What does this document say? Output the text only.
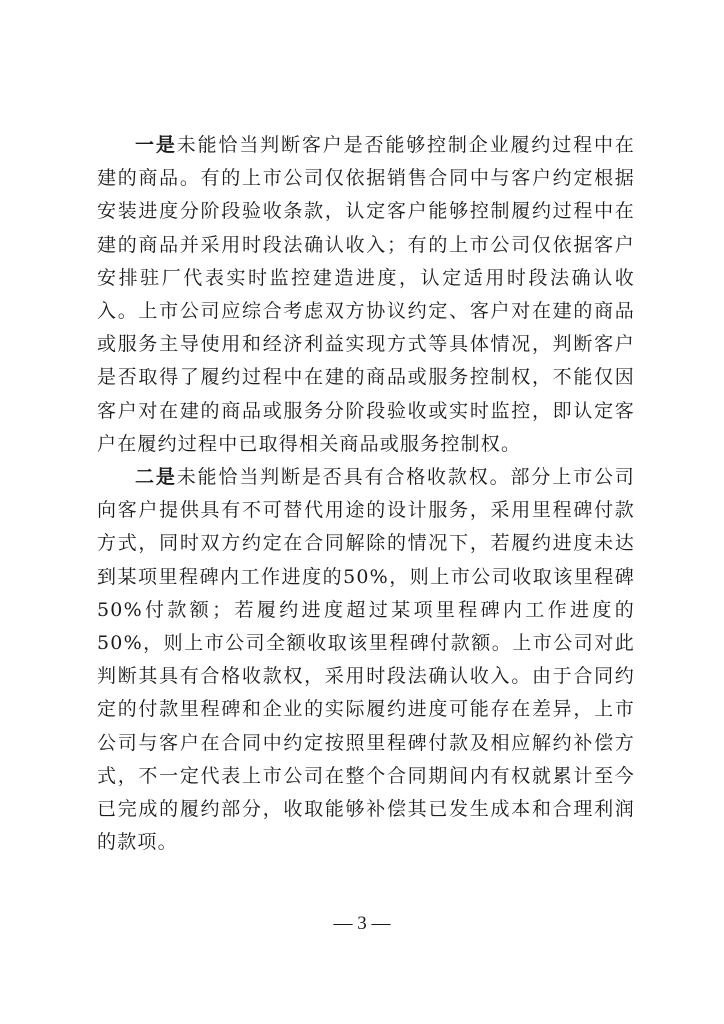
一是未能恰当判断客户是否能够控制企业履约过程中在建的商品。有的上市公司仅依据销售合同中与客户约定根据安装进度分阶段验收条款，认定客户能够控制履约过程中在建的商品并采用时段法确认收入；有的上市公司仅依据客户安排驻厂代表实时监控建造进度，认定适用时段法确认收入。上市公司应综合考虑双方协议约定、客户对在建的商品或服务主导使用和经济利益实现方式等具体情况，判断客户是否取得了履约过程中在建的商品或服务控制权，不能仅因客户对在建的商品或服务分阶段验收或实时监控，即认定客户在履约过程中已取得相关商品或服务控制权。

二是未能恰当判断是否具有合格收款权。部分上市公司向客户提供具有不可替代用途的设计服务，采用里程碑付款方式，同时双方约定在合同解除的情况下，若履约进度未达到某项里程碑内工作进度的50%，则上市公司收取该里程碑50%付款额；若履约进度超过某项里程碑内工作进度的50%，则上市公司全额收取该里程碑付款额。上市公司对此判断其具有合格收款权，采用时段法确认收入。由于合同约定的付款里程碑和企业的实际履约进度可能存在差异，上市公司与客户在合同中约定按照里程碑付款及相应解约补偿方式，不一定代表上市公司在整个合同期间内有权就累计至今已完成的履约部分，收取能够补偿其已发生成本和合理利润的款项。

— 3 —
